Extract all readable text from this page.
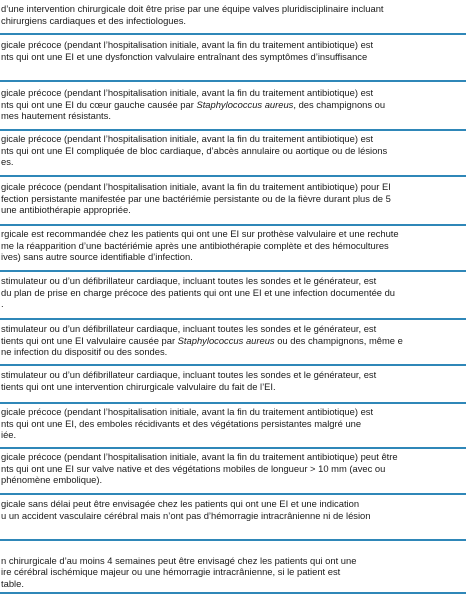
d’une intervention chirurgicale doit être prise par une équipe valves pluridisciplinaire incluant
chirurgiens cardiaques et des infectiologues.
gicale précoce (pendant l’hospitalisation initiale, avant la fin du traitement antibiotique) est
nts qui ont une EI et une dysfonction valvulaire entraînant des symptômes d’insuffisance
gicale précoce (pendant l’hospitalisation initiale, avant la fin du traitement antibiotique) est
nts qui ont une EI du cœur gauche causée par Staphylococcus aureus, des champignons ou
mes hautement résistants.
gicale précoce (pendant l’hospitalisation initiale, avant la fin du traitement antibiotique) est
nts qui ont une EI compliquée de bloc cardiaque, d’abcès annulaire ou aortique ou de lésions
es.
gicale précoce (pendant l’hospitalisation initiale, avant la fin du traitement antibiotique) pour EI
fection persistante manifestée par une bactériémie persistante ou de la fièvre durant plus de 5
une antibiothérapie appropriée.
rgicale est recommandée chez les patients qui ont une EI sur prothèse valvulaire et une rechute
me la réapparition d’une bactériémie après une antibiothérapie complète et des hémocultures
ives) sans autre source identifiable d’infection.
stimulateur ou d’un défibrillateur cardiaque, incluant toutes les sondes et le générateur, est
du plan de prise en charge précoce des patients qui ont une EI et une infection documentée du
.
stimulateur ou d’un défibrillateur cardiaque, incluant toutes les sondes et le générateur, est
tients qui ont une EI valvulaire causée par Staphylococcus aureus ou des champignons, même e
ne infection du dispositif ou des sondes.
stimulateur ou d’un défibrillateur cardiaque, incluant toutes les sondes et le générateur, est
tients qui ont une intervention chirurgicale valvulaire du fait de l’EI.
gicale précoce (pendant l’hospitalisation initiale, avant la fin du traitement antibiotique) est
nts qui ont une EI, des emboles récidivants et des végétations persistantes malgré une
iée.
gicale précoce (pendant l’hospitalisation initiale, avant la fin du traitement antibiotique) peut être
nts qui ont une EI sur valve native et des végétations mobiles de longueur > 10 mm (avec ou
phénomène embolique).
gicale sans délai peut être envisagée chez les patients qui ont une EI et une indication
u un accident vasculaire cérébral mais n’ont pas d’hémorragie intracrânienne ni de lésion
n chirurgicale d’au moins 4 semaines peut être envisagé chez les patients qui ont une
ire cérébral ischémique majeur ou une hémorragie intracrânienne, si le patient est
table.
